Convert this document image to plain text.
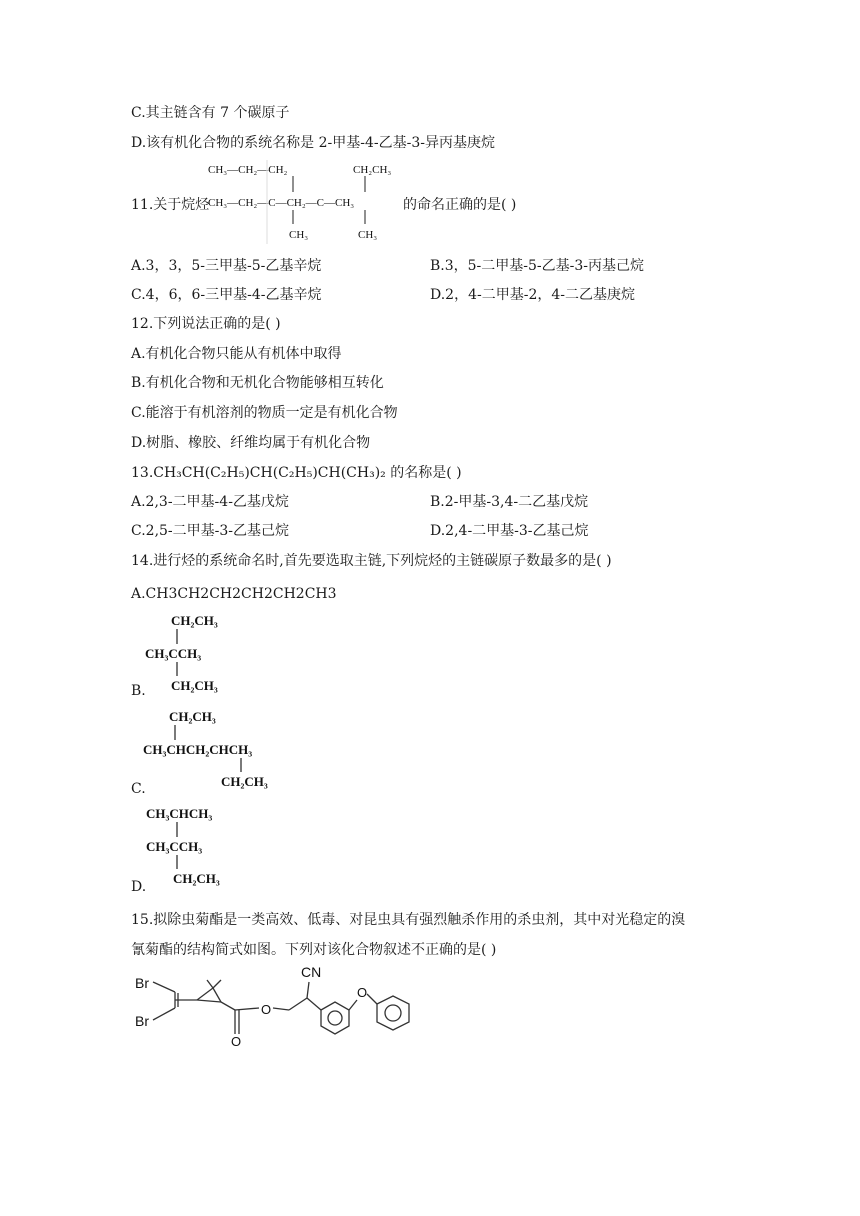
C.其主链含有 7 个碳原子
D.该有机化合物的系统名称是 2-甲基-4-乙基-3-异丙基庚烷
11.关于烷烃
CH₃—CH₂—CH₂	CH₂CH₃
CH₃—CH₂—C—CH₂—C—CH₃
CH₃	CH₃
的命名正确的是( )
A.3，3，5-三甲基-5-乙基辛烷	B.3，5-二甲基-5-乙基-3-丙基己烷
C.4，6，6-三甲基-4-乙基辛烷	D.2，4-二甲基-2，4-二乙基庚烷
12.下列说法正确的是( )
A.有机化合物只能从有机体中取得
B.有机化合物和无机化合物能够相互转化
C.能溶于有机溶剂的物质一定是有机化合物
D.树脂、橡胶、纤维均属于有机化合物
13.CH₃CH(C₂H₅)CH(C₂H₅)CH(CH₃)₂ 的名称是( )
A.2,3-二甲基-4-乙基戊烷	B.2-甲基-3,4-二乙基戊烷
C.2,5-二甲基-3-乙基己烷	D.2,4-二甲基-3-乙基己烷
14.进行烃的系统命名时,首先要选取主链,下列烷烃的主链碳原子数最多的是( )
A.CH3CH2CH2CH2CH2CH3
CH₂CH₃
CH₃CCH₃
CH₂CH₃
B.
CH₂CH₃
CH₃CHCH₂CHCH₃
CH₂CH₃
C.
CH₃CHCH₃
CH₃CCH₃
CH₂CH₃
D.
15.拟除虫菊酯是一类高效、低毒、对昆虫具有强烈触杀作用的杀虫剂，其中对光稳定的溴
氰菊酯的结构简式如图。下列对该化合物叙述不正确的是( )
Br
Br
CN
O
O
O
